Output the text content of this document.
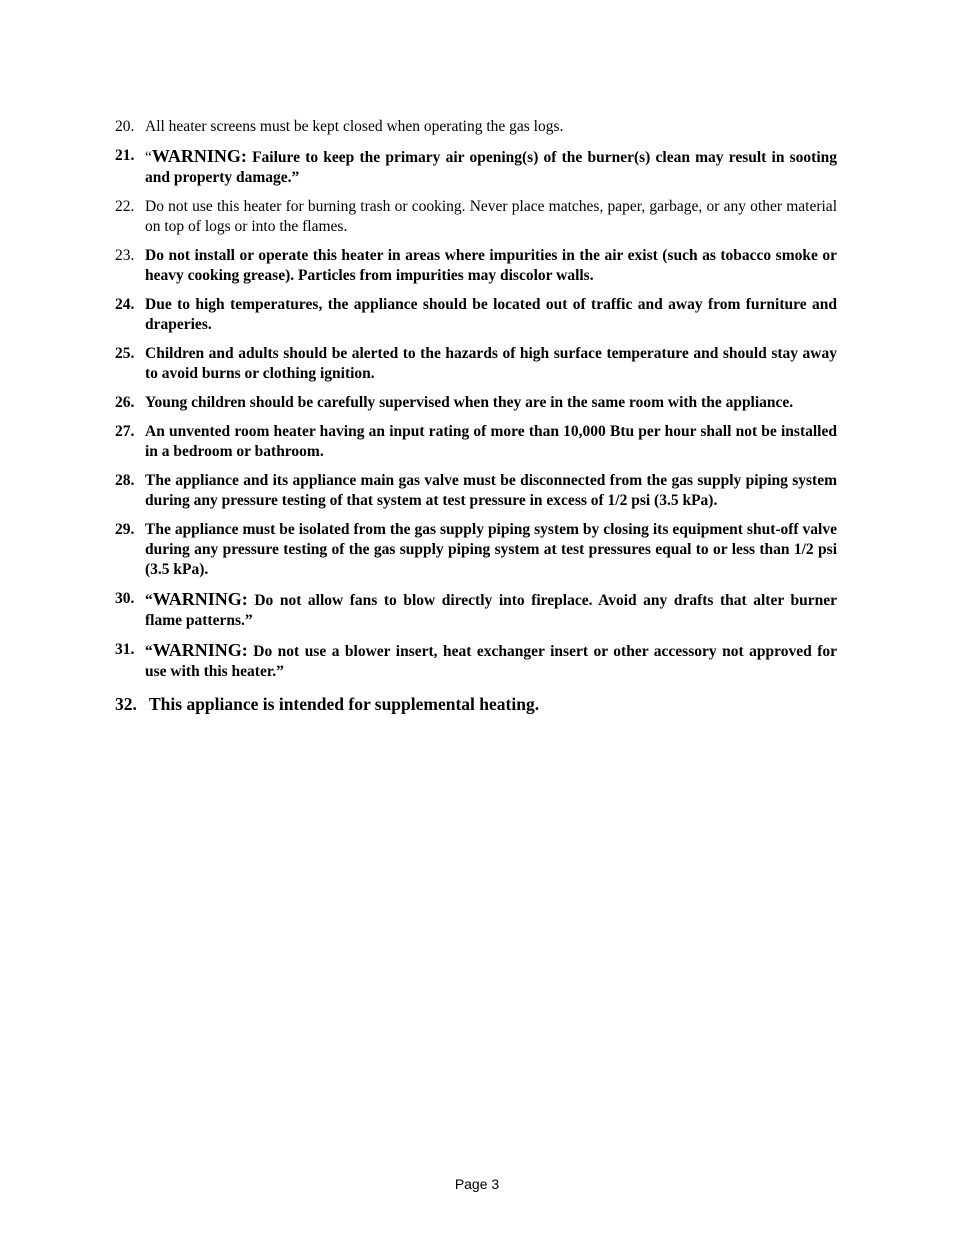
20. All heater screens must be kept closed when operating the gas logs.
21. “WARNING: Failure to keep the primary air opening(s) of the burner(s) clean may result in sooting and property damage.”
22. Do not use this heater for burning trash or cooking. Never place matches, paper, garbage, or any other material on top of logs or into the flames.
23. Do not install or operate this heater in areas where impurities in the air exist (such as tobacco smoke or heavy cooking grease). Particles from impurities may discolor walls.
24. Due to high temperatures, the appliance should be located out of traffic and away from furniture and draperies.
25. Children and adults should be alerted to the hazards of high surface temperature and should stay away to avoid burns or clothing ignition.
26. Young children should be carefully supervised when they are in the same room with the appliance.
27. An unvented room heater having an input rating of more than 10,000 Btu per hour shall not be installed in a bedroom or bathroom.
28. The appliance and its appliance main gas valve must be disconnected from the gas supply piping system during any pressure testing of that system at test pressure in excess of 1/2 psi (3.5 kPa).
29. The appliance must be isolated from the gas supply piping system by closing its equipment shut-off valve during any pressure testing of the gas supply piping system at test pressures equal to or less than 1/2 psi (3.5 kPa).
30. “WARNING: Do not allow fans to blow directly into fireplace. Avoid any drafts that alter burner flame patterns.”
31. “WARNING: Do not use a blower insert, heat exchanger insert or other accessory not approved for use with this heater.”
32. This appliance is intended for supplemental heating.
Page 3
